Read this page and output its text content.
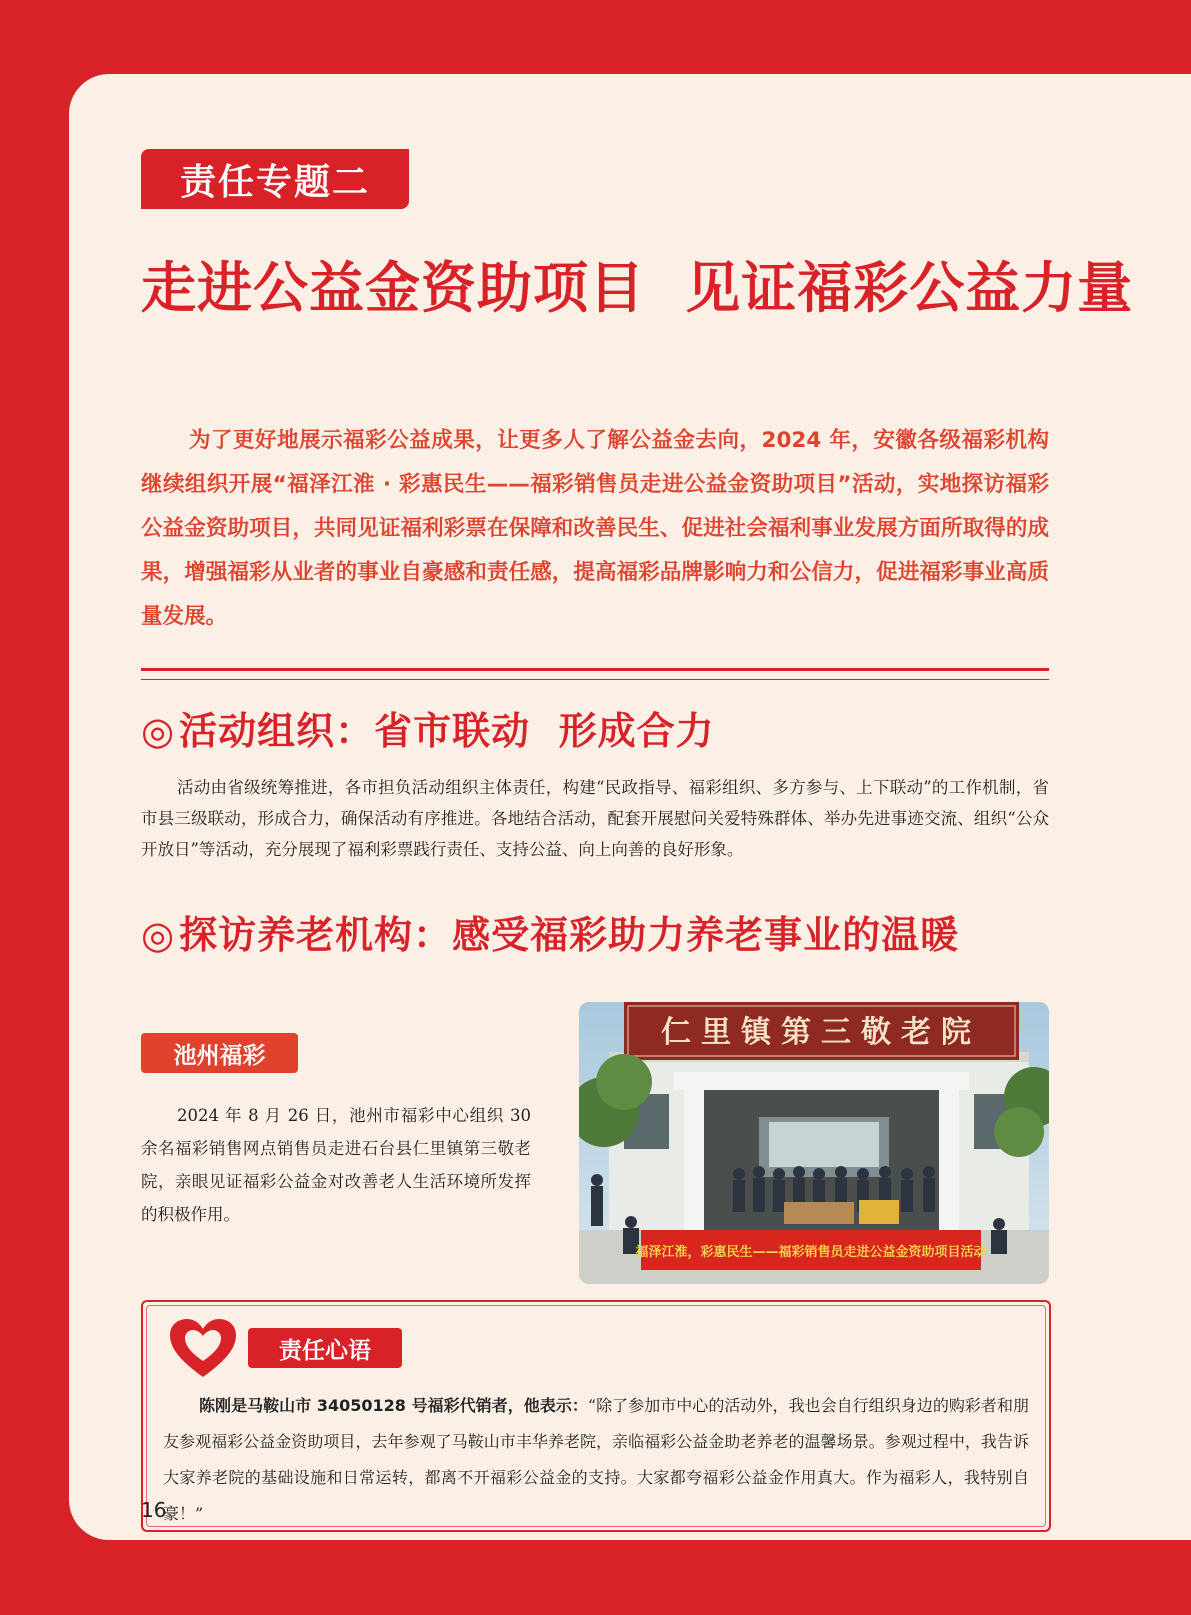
责任专题二
走进公益金资助项目  见证福彩公益力量
为了更好地展示福彩公益成果，让更多人了解公益金去向，2024 年，安徽各级福彩机构继续组织开展“福泽江淮 · 彩惠民生——福彩销售员走进公益金资助项目”活动，实地探访福彩公益金资助项目，共同见证福利彩票在保障和改善民生、促进社会福利事业发展方面所取得的成果，增强福彩从业者的事业自豪感和责任感，提高福彩品牌影响力和公信力，促进福彩事业高质量发展。
◎ 活动组织：省市联动  形成合力
活动由省级统筹推进，各市担负活动组织主体责任，构建“民政指导、福彩组织、多方参与、上下联动”的工作机制，省市县三级联动，形成合力，确保活动有序推进。各地结合活动，配套开展慰问关爱特殊群体、举办先进事迹交流、组织“公众开放日”等活动，充分展现了福利彩票践行责任、支持公益、向上向善的良好形象。
◎ 探访养老机构：感受福彩助力养老事业的温暖
池州福彩
2024 年 8 月 26 日，池州市福彩中心组织 30 余名福彩销售网点销售员走进石台县仁里镇第三敬老院，亲眼见证福彩公益金对改善老人生活环境所发挥的积极作用。
仁里镇第三敬老院
福泽江淮，彩惠民生——福彩销售员走进公益金资助项目活动
责任心语
陈刚是马鞍山市 34050128 号福彩代销者，他表示：“除了参加市中心的活动外，我也会自行组织身边的购彩者和朋友参观福彩公益金资助项目，去年参观了马鞍山市丰华养老院，亲临福彩公益金助老养老的温馨场景。参观过程中，我告诉大家养老院的基础设施和日常运转，都离不开福彩公益金的支持。大家都夸福彩公益金作用真大。作为福彩人，我特别自豪！”
16
